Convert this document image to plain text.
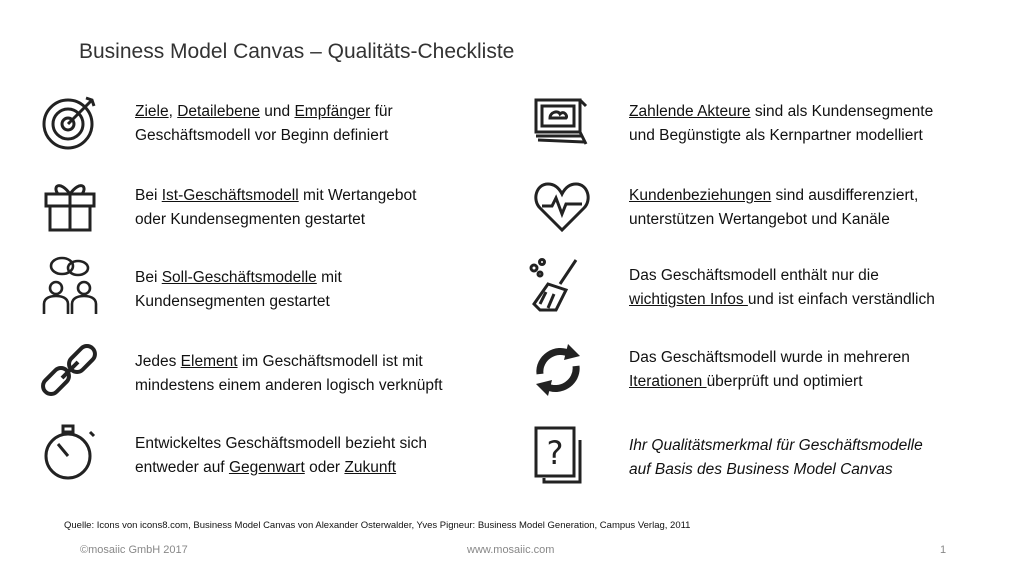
Business Model Canvas – Qualitäts-Checkliste
?
Ziele, Detailebene und Empfänger für
Geschäftsmodell vor Beginn definiert
Bei Ist-Geschäftsmodell mit Wertangebot
oder Kundensegmenten gestartet
Bei Soll-Geschäftsmodelle mit
Kundensegmenten gestartet
Jedes Element im Geschäftsmodell ist mit
mindestens einem anderen logisch verknüpft
Entwickeltes Geschäftsmodell bezieht sich
entweder auf Gegenwart oder Zukunft
Zahlende Akteure sind als Kundensegmente
und Begünstigte als Kernpartner modelliert
Kundenbeziehungen sind ausdifferenziert,
unterstützen Wertangebot und Kanäle
Das Geschäftsmodell enthält nur die
wichtigsten Infos und ist einfach verständlich
Das Geschäftsmodell wurde in mehreren
Iterationen überprüft und optimiert
Ihr Qualitätsmerkmal für Geschäftsmodelle
auf Basis des Business Model Canvas
Quelle: Icons von icons8.com, Business Model Canvas von Alexander Osterwalder, Yves Pigneur: Business Model Generation, Campus Verlag, 2011
©mosaiic GmbH 2017	www.mosaiic.com	1
